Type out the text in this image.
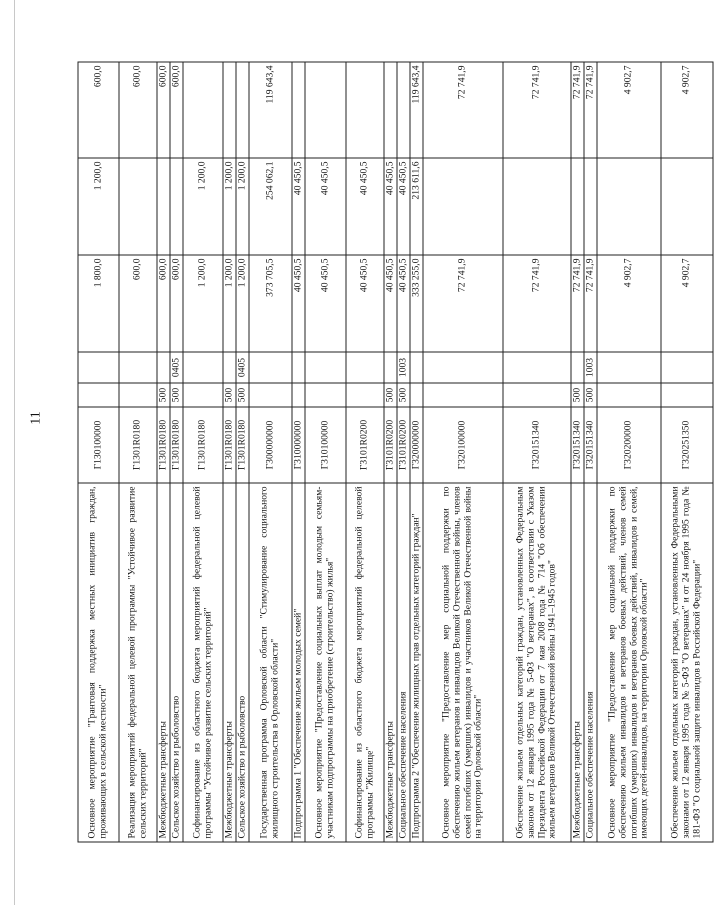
11
Основное мероприятие "Грантовая поддержка местных инициатив граждан, проживающих в сельской местности"	Г130100000			1 800,0	1 200,0	600,0
Реализация мероприятий федеральной целевой программы "Устойчивое развитие сельских территорий"	Г1301R0180			600,0		600,0
Межбюджетные трансферты	Г1301R0180	500		600,0		600,0
Сельское хозяйство и рыболовство	Г1301R0180	500	0405	600,0		600,0
Софинансирование из областного бюджета мероприятий федеральной целевой программы "Устойчивое развитие сельских территорий"	Г1301R0180			1 200,0	1 200,0	
Межбюджетные трансферты	Г1301R0180	500		1 200,0	1 200,0	
Сельское хозяйство и рыболовство	Г1301R0180	500	0405	1 200,0	1 200,0	
Государственная программа Орловской области "Стимулирование социального жилищного строительства в Орловской области"	Г300000000			373 705,5	254 062,1	119 643,4
Подпрограмма 1 "Обеспечение жильем молодых семей"	Г310000000			40 450,5	40 450,5	
Основное мероприятие "Предоставление социальных выплат молодым семьям-участникам подпрограммы на приобретение (строительство) жилья"	Г310100000			40 450,5	40 450,5	
Софинансирование из областного бюджета мероприятий федеральной целевой программы "Жилище"	Г3101R0200			40 450,5	40 450,5	
Межбюджетные трансферты	Г3101R0200	500		40 450,5	40 450,5	
Социальное обеспечение населения	Г3101R0200	500	1003	40 450,5	40 450,5	
Подпрограмма 2 "Обеспечение жилищных прав отдельных категорий граждан"	Г320000000			333 255,0	213 611,6	119 643,4
Основное мероприятие "Предоставление мер социальной поддержки по обеспечению жильем ветеранов и инвалидов Великой Отечественной войны, членов семей погибших (умерших) инвалидов и участников Великой Отечественной войны на территории Орловской области"	Г320100000			72 741,9		72 741,9
Обеспечение жильем отдельных категорий граждан, установленных Федеральным законом от 12 января 1995 года № 5-ФЗ "О ветеранах", в соответствии с Указом Президента Российской Федерации от 7 мая 2008 года № 714 "Об обеспечении жильем ветеранов Великой Отечественной войны 1941–1945 годов"	Г320151340			72 741,9		72 741,9
Межбюджетные трансферты	Г320151340	500		72 741,9		72 741,9
Социальное обеспечение населения	Г320151340	500	1003	72 741,9		72 741,9
Основное мероприятие "Предоставление мер социальной поддержки по обеспечению жильем инвалидов и ветеранов боевых действий, членов семей погибших (умерших) инвалидов и ветеранов боевых действий, инвалидов и семей, имеющих детей-инвалидов, на территории Орловской области"	Г320200000			4 902,7		4 902,7
Обеспечение жильем отдельных категорий граждан, установленных Федеральными законами от 12 января 1995 года № 5-ФЗ "О ветеранах" и от 24 ноября 1995 года № 181-ФЗ "О социальной защите инвалидов в Российской Федерации"	Г320251350			4 902,7		4 902,7
